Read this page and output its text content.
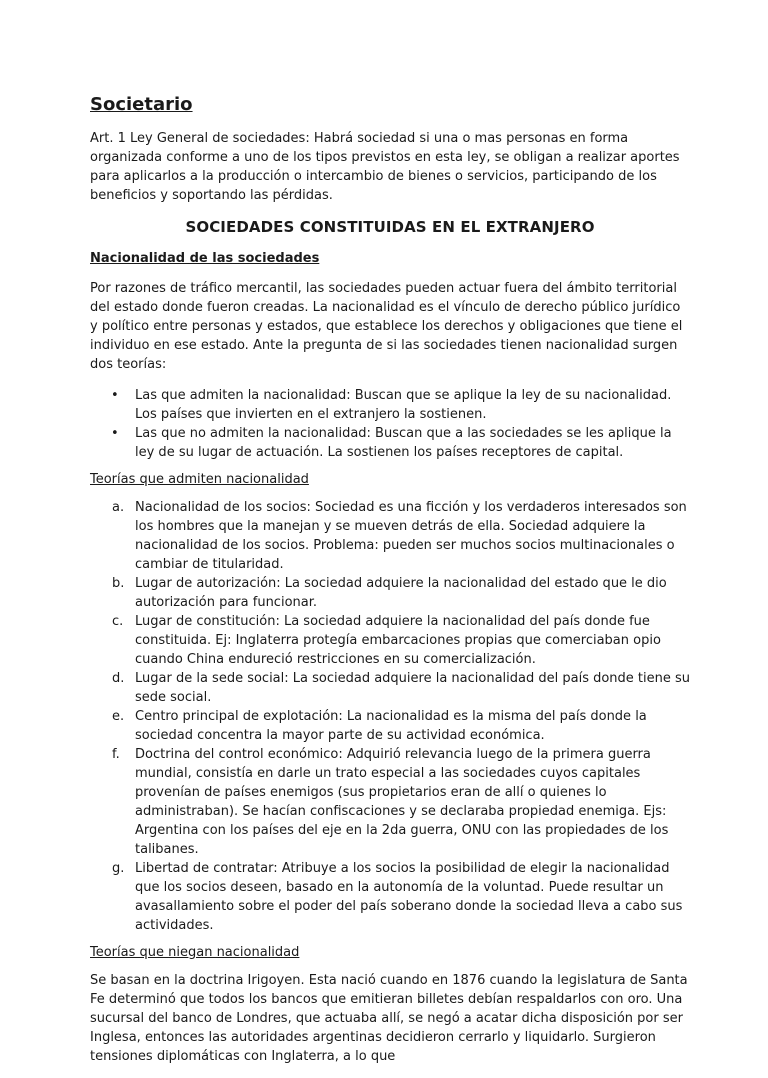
Societario

Art. 1 Ley General de sociedades: Habrá sociedad si una o mas personas en forma organizada conforme a uno de los tipos previstos en esta ley, se obligan a realizar aportes para aplicarlos a la producción o intercambio de bienes o servicios, participando de los beneficios y soportando las pérdidas.

SOCIEDADES CONSTITUIDAS EN EL EXTRANJERO
Nacionalidad de las sociedades

Por razones de tráfico mercantil, las sociedades pueden actuar fuera del ámbito territorial del estado donde fueron creadas. La nacionalidad es el vínculo de derecho público jurídico y político entre personas y estados, que establece los derechos y obligaciones que tiene el individuo en ese estado. Ante la pregunta de si las sociedades tienen nacionalidad surgen dos teorías:

• Las que admiten la nacionalidad: Buscan que se aplique la ley de su nacionalidad. Los países que invierten en el extranjero la sostienen.
• Las que no admiten la nacionalidad: Buscan que a las sociedades se les aplique la ley de su lugar de actuación. La sostienen los países receptores de capital.
Teorías que admiten nacionalidad
a. Nacionalidad de los socios: Sociedad es una ficción y los verdaderos interesados son los hombres que la manejan y se mueven detrás de ella. Sociedad adquiere la nacionalidad de los socios. Problema: pueden ser muchos socios multinacionales o cambiar de titularidad.
b. Lugar de autorización: La sociedad adquiere la nacionalidad del estado que le dio autorización para funcionar.
c. Lugar de constitución: La sociedad adquiere la nacionalidad del país donde fue constituida. Ej: Inglaterra protegía embarcaciones propias que comerciaban opio cuando China endureció restricciones en su comercialización.
d. Lugar de la sede social: La sociedad adquiere la nacionalidad del país donde tiene su sede social.
e. Centro principal de explotación: La nacionalidad es la misma del país donde la sociedad concentra la mayor parte de su actividad económica.
f. Doctrina del control económico: Adquirió relevancia luego de la primera guerra mundial, consistía en darle un trato especial a las sociedades cuyos capitales provenían de países enemigos (sus propietarios eran de allí o quienes lo administraban). Se hacían confiscaciones y se declaraba propiedad enemiga. Ejs: Argentina con los países del eje en la 2da guerra, ONU con las propiedades de los talibanes.
g. Libertad de contratar: Atribuye a los socios la posibilidad de elegir la nacionalidad que los socios deseen, basado en la autonomía de la voluntad. Puede resultar un avasallamiento sobre el poder del país soberano donde la sociedad lleva a cabo sus actividades.
Teorías que niegan nacionalidad

Se basan en la doctrina Irigoyen. Esta nació cuando en 1876 cuando la legislatura de Santa Fe determinó que todos los bancos que emitieran billetes debían respaldarlos con oro. Una sucursal del banco de Londres, que actuaba allí, se negó a acatar dicha disposición por ser Inglesa, entonces las autoridades argentinas decidieron cerrarlo y liquidarlo. Surgieron tensiones diplomáticas con Inglaterra, a lo que
